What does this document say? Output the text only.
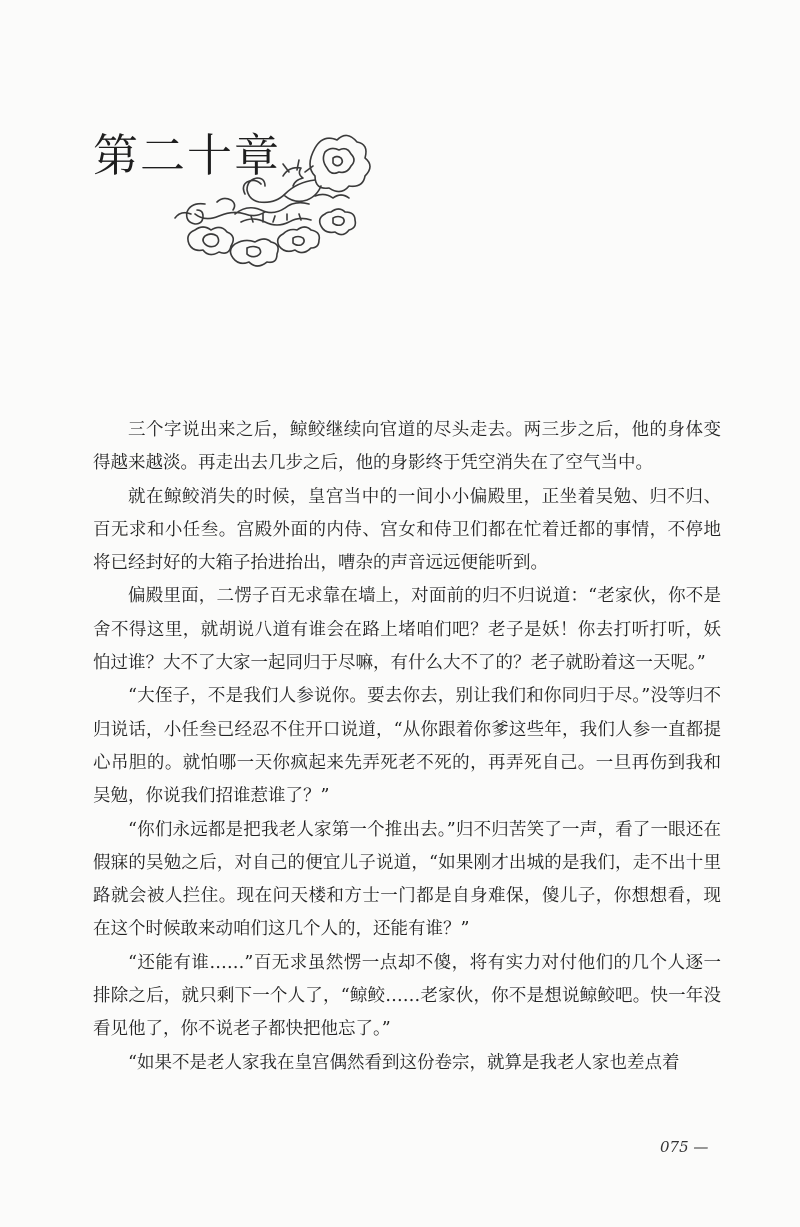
第二十章

三个字说出来之后，鲸鲛继续向官道的尽头走去。两三步之后，他的身体变得越来越淡。再走出去几步之后，他的身影终于凭空消失在了空气当中。

就在鲸鲛消失的时候，皇宫当中的一间小小偏殿里，正坐着吴勉、归不归、百无求和小任叁。宫殿外面的内侍、宫女和侍卫们都在忙着迁都的事情，不停地将已经封好的大箱子抬进抬出，嘈杂的声音远远便能听到。

偏殿里面，二愣子百无求靠在墙上，对面前的归不归说道：“老家伙，你不是舍不得这里，就胡说八道有谁会在路上堵咱们吧？老子是妖！你去打听打听，妖怕过谁？大不了大家一起同归于尽嘛，有什么大不了的？老子就盼着这一天呢。”

“大侄子，不是我们人参说你。要去你去，别让我们和你同归于尽。”没等归不归说话，小任叁已经忍不住开口说道，“从你跟着你爹这些年，我们人参一直都提心吊胆的。就怕哪一天你疯起来先弄死老不死的，再弄死自己。一旦再伤到我和吴勉，你说我们招谁惹谁了？”

“你们永远都是把我老人家第一个推出去。”归不归苦笑了一声，看了一眼还在假寐的吴勉之后，对自己的便宜儿子说道，“如果刚才出城的是我们，走不出十里路就会被人拦住。现在问天楼和方士一门都是自身难保，傻儿子，你想想看，现在这个时候敢来动咱们这几个人的，还能有谁？”

“还能有谁……”百无求虽然愣一点却不傻，将有实力对付他们的几个人逐一排除之后，就只剩下一个人了，“鲸鲛……老家伙，你不是想说鲸鲛吧。快一年没看见他了，你不说老子都快把他忘了。”

“如果不是老人家我在皇宫偶然看到这份卷宗，就算是我老人家也差点着

075 —
